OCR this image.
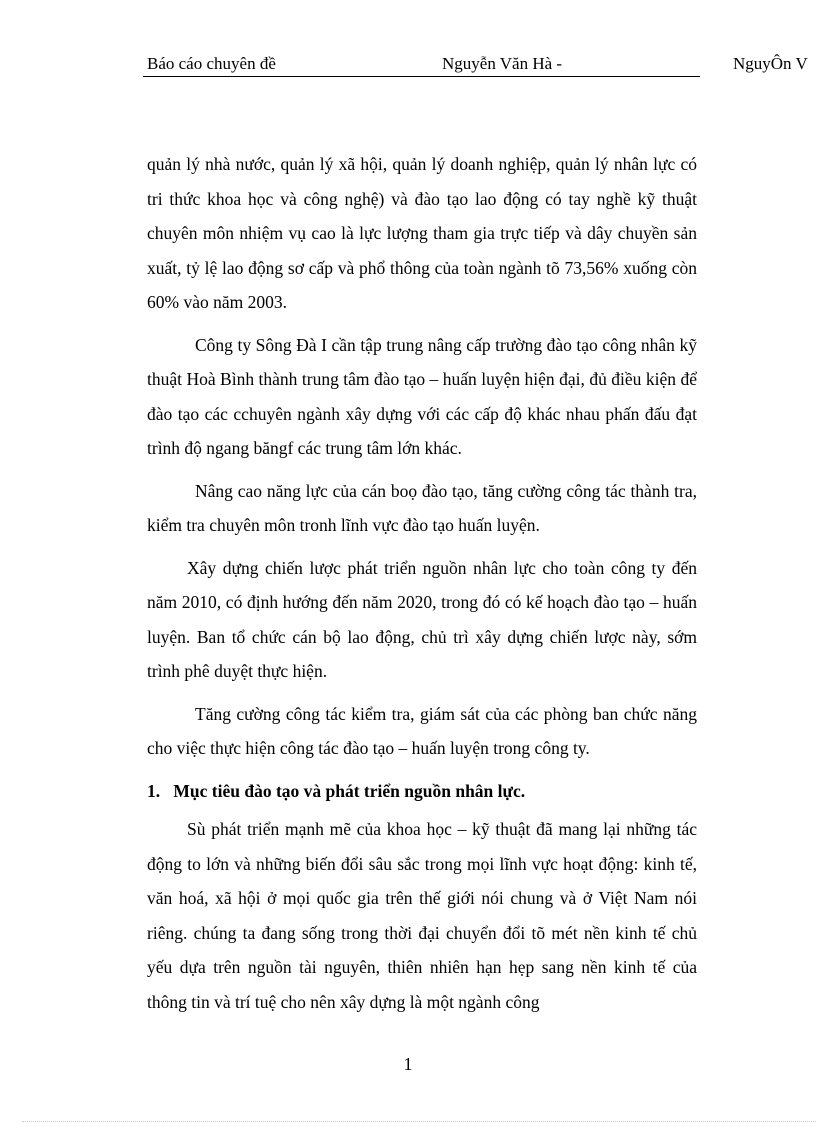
Báo cáo chuyên đề	Nguyễn Văn Hà -	NguyÔn V

quản lý nhà nước, quản lý xã hội, quản lý doanh nghiệp, quản lý nhân lực có tri thức khoa học và công nghệ) và đào tạo lao động có tay nghề kỹ thuật chuyên môn nhiệm vụ cao là lực lượng tham gia trực tiếp và dây chuyền sản xuất, tỷ lệ lao động sơ cấp và phổ thông của toàn ngành tõ 73,56% xuống còn 60% vào năm 2003.

Công ty Sông Đà I cần tập trung nâng cấp trường đào tạo công nhân kỹ thuật Hoà Bình thành trung tâm đào tạo – huấn luyện hiện đại, đủ điều kiện để đào tạo các cchuyên ngành xây dựng với các cấp độ khác nhau phấn đấu đạt trình độ ngang băngf các trung tâm lớn khác.

Nâng cao năng lực của cán boọ đào tạo, tăng cường công tác thành tra, kiểm tra chuyên môn tronh lĩnh vực đào tạo huấn luyện.

Xây dựng chiến lược phát triển nguồn nhân lực cho toàn công ty đến năm 2010, có định hướng đến năm 2020, trong đó có kế hoạch đào tạo – huấn luyện. Ban tổ chức cán bộ lao động, chủ trì xây dựng chiến lược này, sớm trình phê duyệt thực hiện.

Tăng cường công tác kiểm tra, giám sát của các phòng ban chức năng cho việc thực hiện công tác đào tạo – huấn luyện trong công ty.

1. Mục tiêu đào tạo và phát triển nguồn nhân lực.

Sù phát triển mạnh mẽ của khoa học – kỹ thuật đã mang lại những tác động to lớn và những biến đổi sâu sắc trong mọi lĩnh vực hoạt động: kinh tế, văn hoá, xã hội ở mọi quốc gia trên thế giới nói chung và ở Việt Nam nói riêng. chúng ta đang sống trong thời đại chuyển đổi tõ mét nền kinh tế chủ yếu dựa trên nguồn tài nguyên, thiên nhiên hạn hẹp sang nền kinh tế của thông tin và trí tuệ cho nên xây dựng là một ngành công

1
